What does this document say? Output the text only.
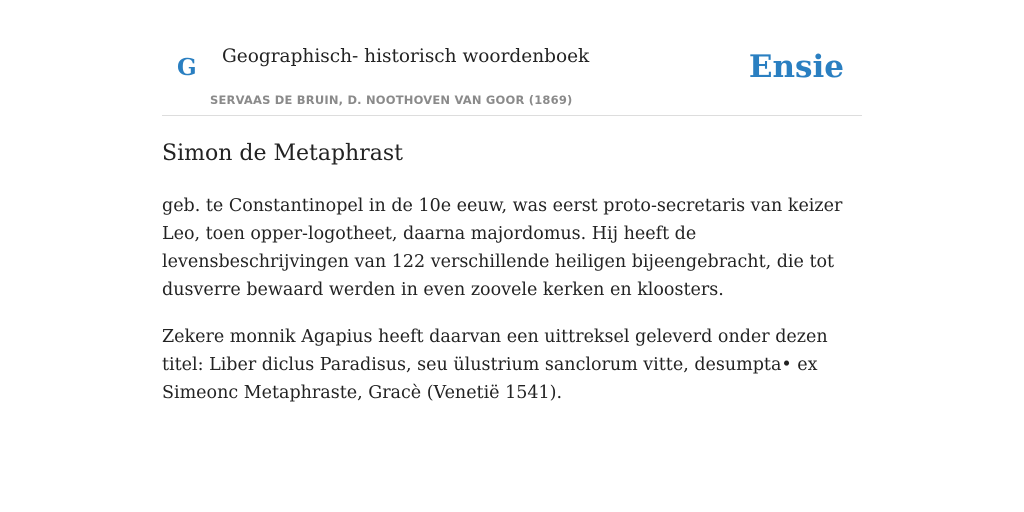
G Geographisch- historisch woordenboek
SERVAAS DE BRUIN, D. NOOTHOVEN VAN GOOR (1869)
Ensie
Simon de Metaphrast

geb. te Constantinopel in de 10e eeuw, was eerst proto-secretaris van keizer Leo, toen opper-logotheet, daarna majordomus. Hij heeft de levensbeschrijvingen van 122 verschillende heiligen bijeengebracht, die tot dusverre bewaard werden in even zoovele kerken en kloosters.

Zekere monnik Agapius heeft daarvan een uittreksel geleverd onder dezen titel: Liber diclus Paradisus, seu ülustrium sanclorum vitte, desumpta• ex Simeonc Metaphraste, Gracè (Venetië 1541).
